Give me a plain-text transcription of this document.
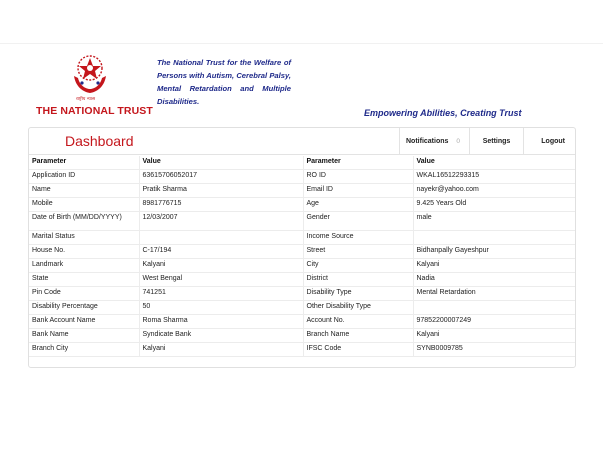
राष्ट्रीय न्यास
THE NATIONAL TRUST
The National Trust for the Welfare of Persons with Autism, Cerebral Palsy, Mental Retardation and Multiple Disabilities.
Empowering Abilities, Creating Trust
Dashboard	Notifications 0	Settings	Logout
Parameter	Value	Parameter	Value
Application ID	63615706052017	RO ID	WKAL16512293315
Name	Pratik Sharma	Email ID	nayekr@yahoo.com
Mobile	8981776715	Age	9.425 Years Old
Date of Birth (MM/DD/YYYY)	12/03/2007	Gender	male
Marital Status		Income Source	
House No.	C-17/194	Street	Bidhanpally Gayeshpur
Landmark	Kalyani	City	Kalyani
State	West Bengal	District	Nadia
Pin Code	741251	Disability Type	Mental Retardation
Disability Percentage	50	Other Disability Type	
Bank Account Name	Roma Sharma	Account No.	97852200007249
Bank Name	Syndicate Bank	Branch Name	Kalyani
Branch City	Kalyani	IFSC Code	SYNB0009785
